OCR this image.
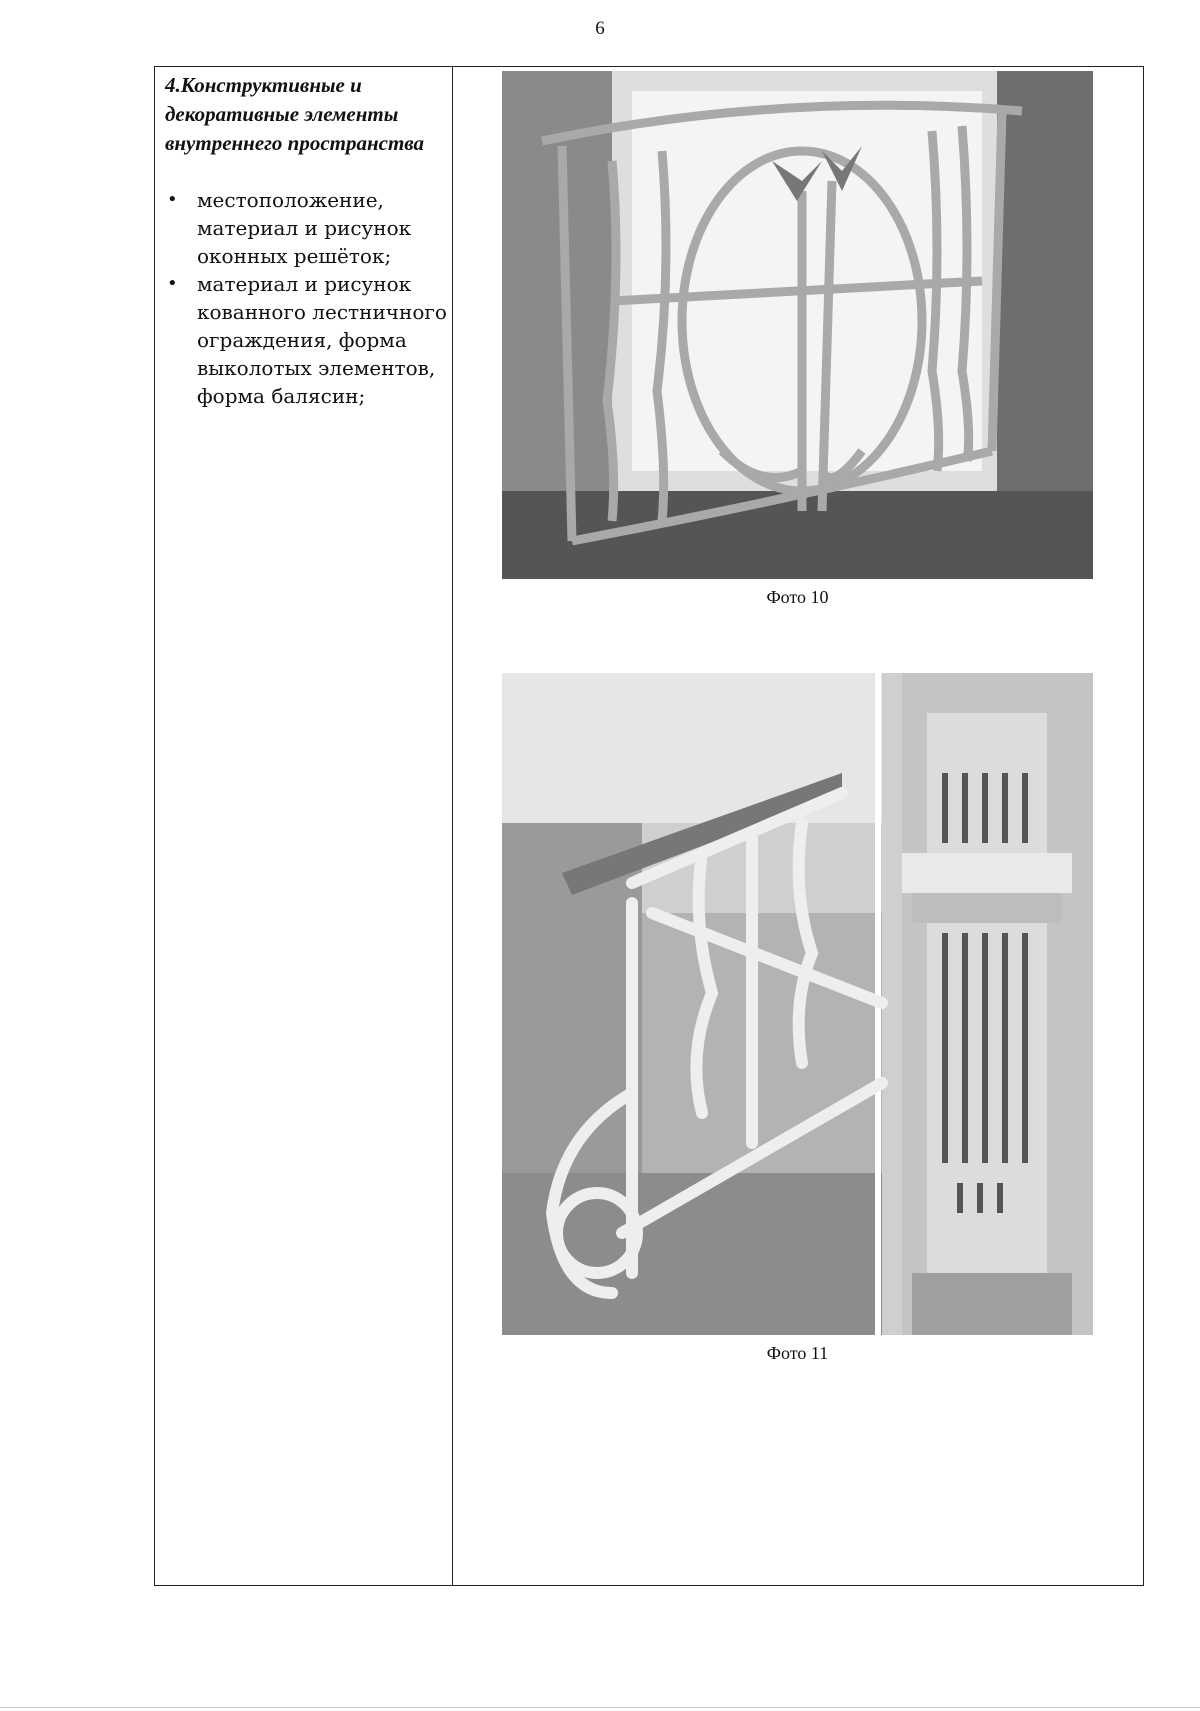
6

4.Конструктивные и декоративные элементы внутреннего пространства

• местоположение, материал и рисунок оконных решёток;
• материал и рисунок кованного лестничного ограждения, форма выколотых элементов, форма балясин;
Фото 10
Фото 11
